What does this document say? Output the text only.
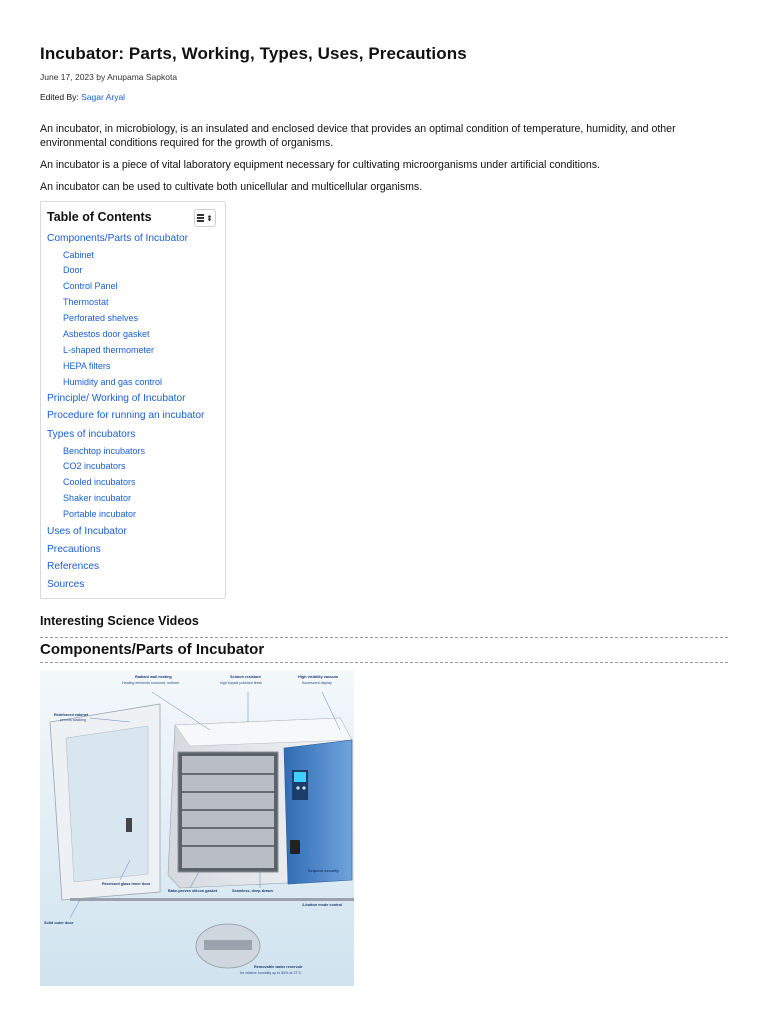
Incubator: Parts, Working, Types, Uses, Precautions
June 17, 2023 by Anupama Sapkota
Edited By: Sagar Aryal

An incubator, in microbiology, is an insulated and enclosed device that provides an optimal condition of temperature, humidity, and other environmental conditions required for the growth of organisms.

An incubator is a piece of vital laboratory equipment necessary for cultivating microorganisms under artificial conditions.

An incubator can be used to cultivate both unicellular and multicellular organisms.

Table of Contents	⬍
Components/Parts of Incubator
Cabinet
Door
Control Panel
Thermostat
Perforated shelves
Asbestos door gasket
L-shaped thermometer
HEPA filters
Humidity and gas control
Principle/ Working of Incubator
Procedure for running an incubator
Types of incubators
Benchtop incubators
CO2 incubators
Cooled incubators
Shaker incubator
Portable incubator
Uses of Incubator
Precautions
References
Sources
Interesting Science Videos
Components/Parts of Incubator
Radiant wall heating
Heating elements surround, uniform
Scratch resistant
high impact polished finish
High visibility vacuum
fluorescent display
Reinforced cabinet
permits stacking
Recessed glass inner door
Solid outer door
Bake-proven silicon gasket	Seamless, deep-drawn
Setpoint security
2-button mode control
Removable water reservoir
for relative humidity up to 85% at 37°C
